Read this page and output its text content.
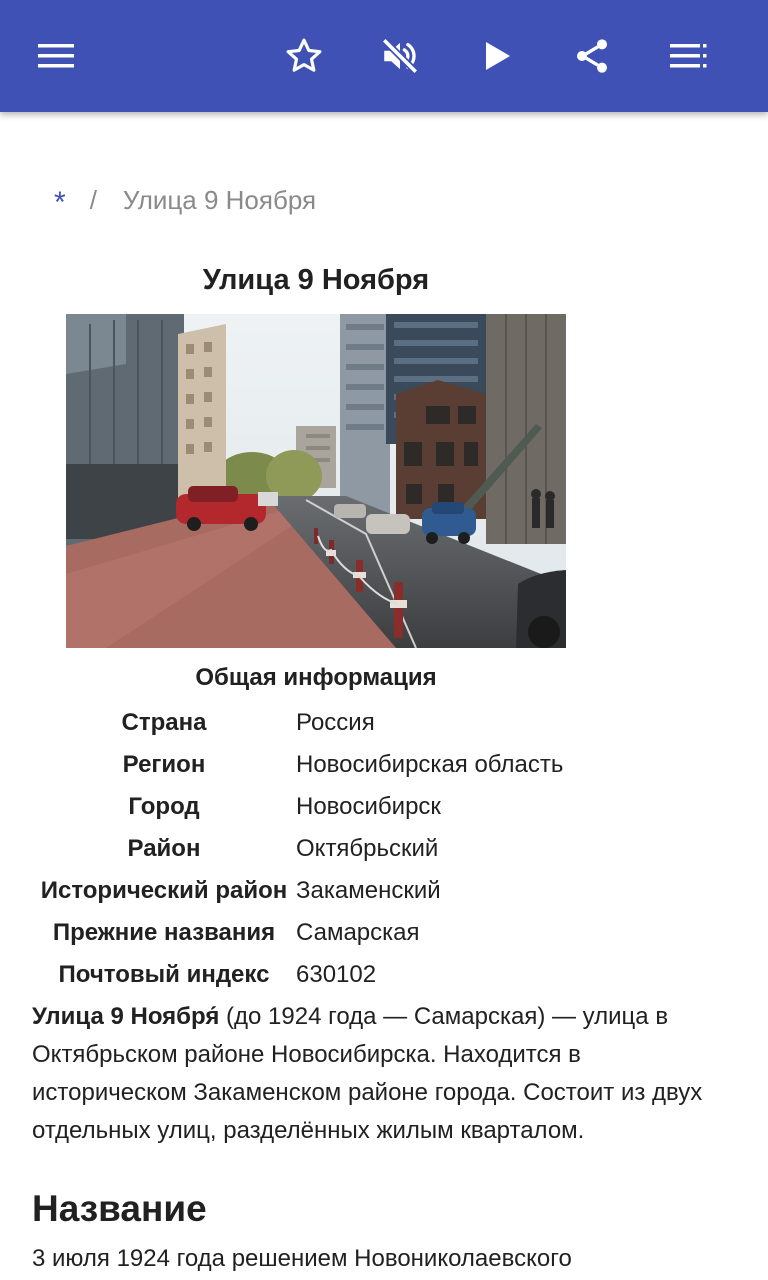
* / Улица 9 Ноября
Улица 9 Ноября
Общая информация
Страна	Россия
Регион	Новосибирская область
Город	Новосибирск
Район	Октябрьский
Исторический район Закаменский
Прежние названия Самарская
Почтовый индекс	630102
Улица 9 Ноября́ (до 1924 года — Самарская) — улица в Октябрьском районе Новосибирска. Находится в историческом Закаменском районе города. Состоит из двух отдельных улиц, разделённых жилым кварталом.
Название
3 июля 1924 года решением Новониколаевского
